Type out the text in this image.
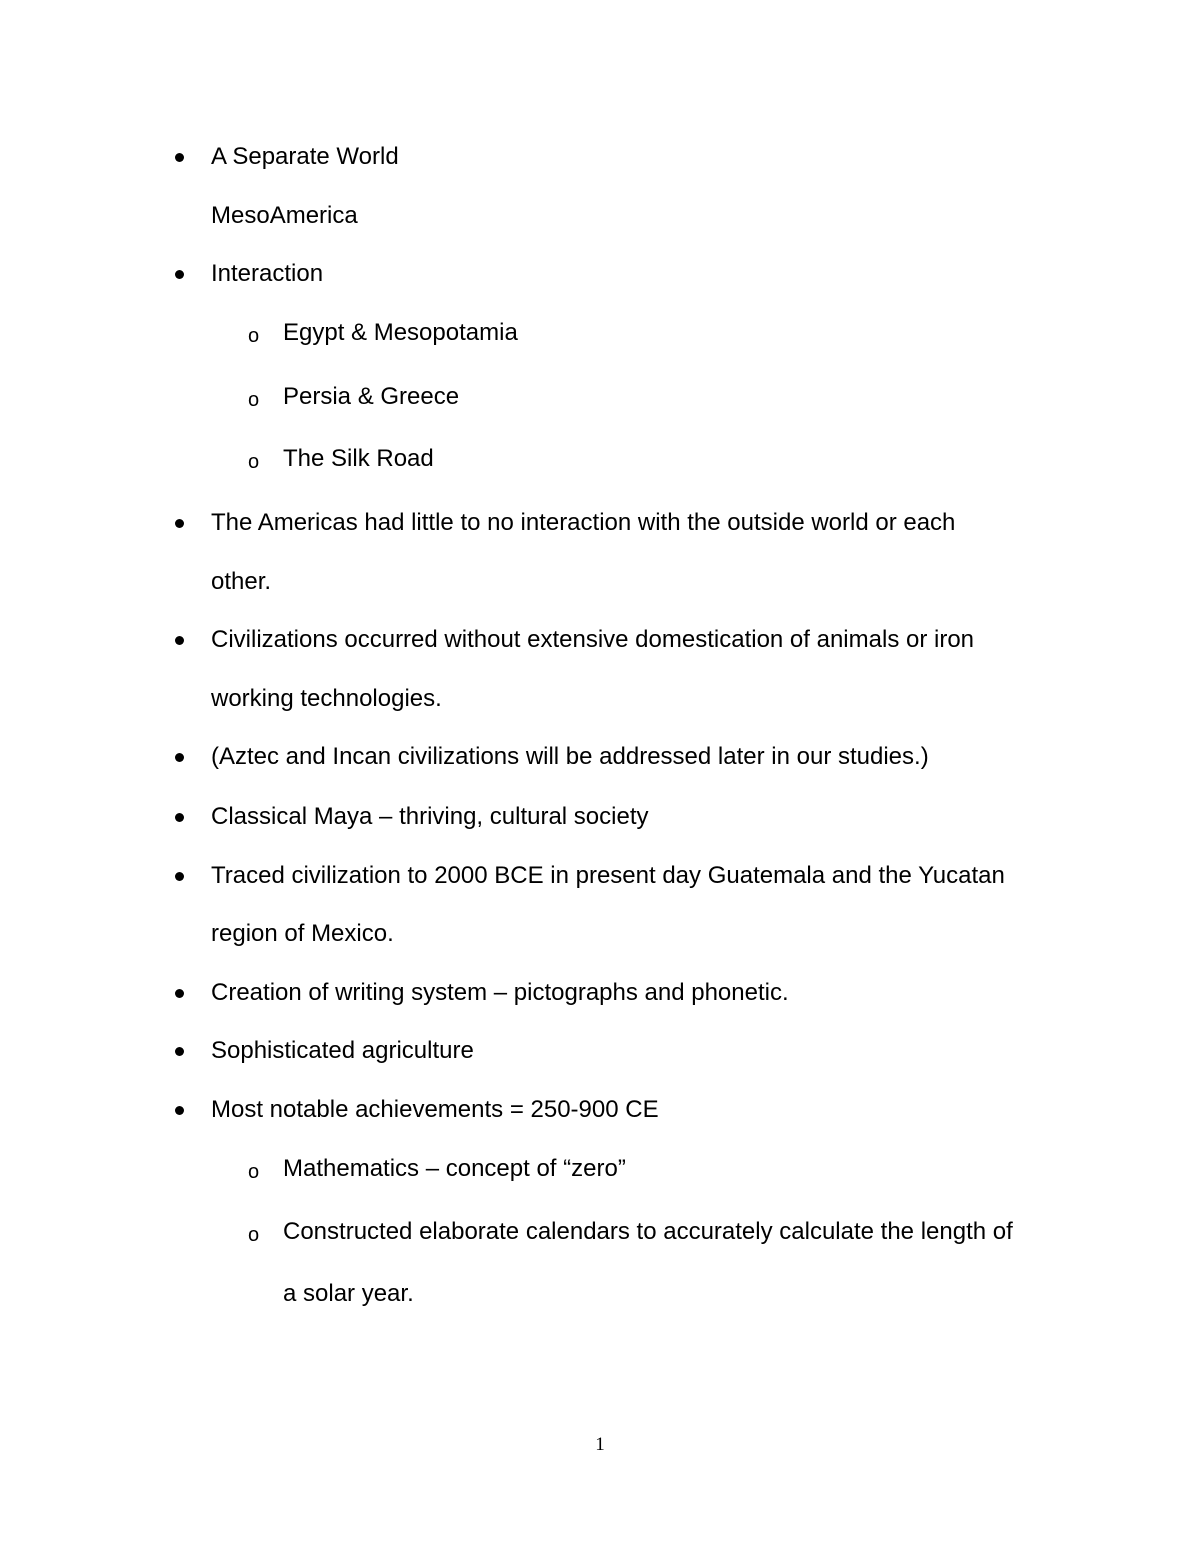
A Separate World
MesoAmerica
Interaction
o Egypt & Mesopotamia
o Persia & Greece
o The Silk Road
The Americas had little to no interaction with the outside world or each
other.
Civilizations occurred without extensive domestication of animals or iron
working technologies.
(Aztec and Incan civilizations will be addressed later in our studies.)
Classical Maya – thriving, cultural society
Traced civilization to 2000 BCE in present day Guatemala and the Yucatan
region of Mexico.
Creation of writing system – pictographs and phonetic.
Sophisticated agriculture
Most notable achievements = 250-900 CE
o Mathematics – concept of “zero”
o Constructed elaborate calendars to accurately calculate the length of
a solar year.
1
